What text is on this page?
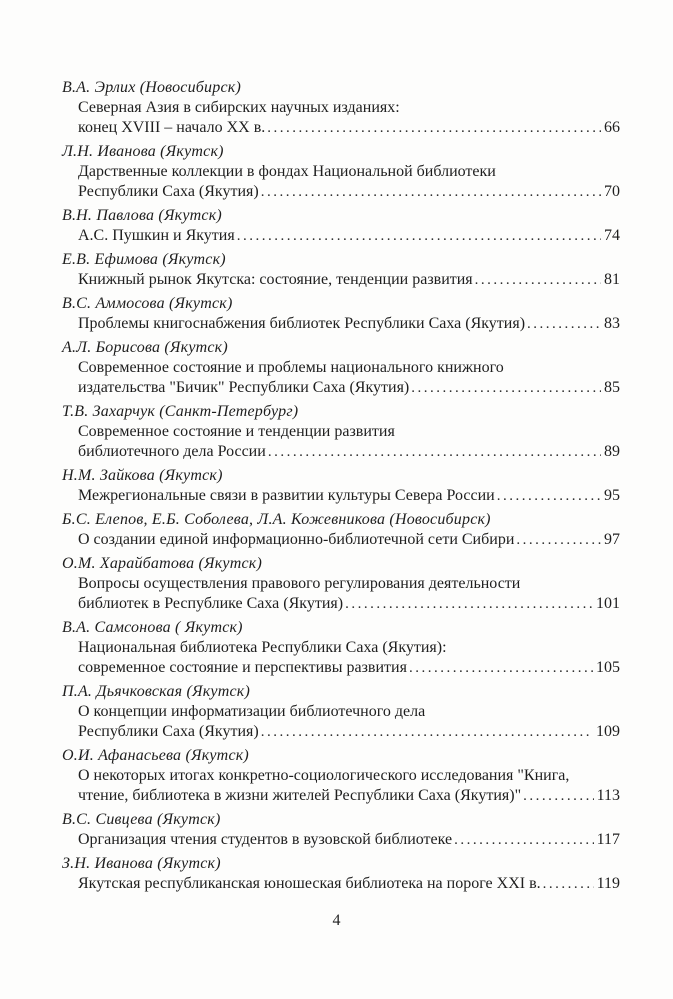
В.А. Эрлих (Новосибирск)
Северная Азия в сибирских научных изданиях:
конец XVIII – начало XX в. .....	66
Л.Н. Иванова (Якутск)
Дарственные коллекции в фондах Национальной библиотеки
Республики Саха (Якутия) .....	70
В.Н. Павлова (Якутск)
А.С. Пушкин и Якутия .....	74
Е.В. Ефимова (Якутск)
Книжный рынок Якутска: состояние, тенденции развития .....	81
В.С. Аммосова (Якутск)
Проблемы книгоснабжения библиотек Республики Саха (Якутия) .....	83
А.Л. Борисова (Якутск)
Современное состояние и проблемы национального книжного
издательства "Бичик" Республики Саха (Якутия) .....	85
Т.В. Захарчук (Санкт-Петербург)
Современное состояние и тенденции развития
библиотечного дела России .....	89
Н.М. Зайкова (Якутск)
Межрегиональные связи в развитии культуры Севера России .....	95
Б.С. Елепов, Е.Б. Соболева, Л.А. Кожевникова (Новосибирск)
О создании единой информационно-библиотечной сети Сибири .....	97
О.М. Харайбатова (Якутск)
Вопросы осуществления правового регулирования деятельности
библиотек в Республике Саха (Якутия) .....	101
В.А. Самсонова ( Якутск)
Национальная библиотека Республики Саха (Якутия):
современное состояние и перспективы развития .....	105
П.А. Дьячковская (Якутск)
О концепции информатизации библиотечного дела
Республики Саха (Якутия) .....	109
О.И. Афанасьева (Якутск)
О некоторых итогах конкретно-социологического исследования "Книга,
чтение, библиотека в жизни жителей Республики Саха (Якутия)" .....	113
В.С. Сивцева (Якутск)
Организация чтения студентов в вузовской библиотеке .....	117
З.Н. Иванова (Якутск)
Якутская республиканская юношеская библиотека на пороге XXI в. .....	119
4
